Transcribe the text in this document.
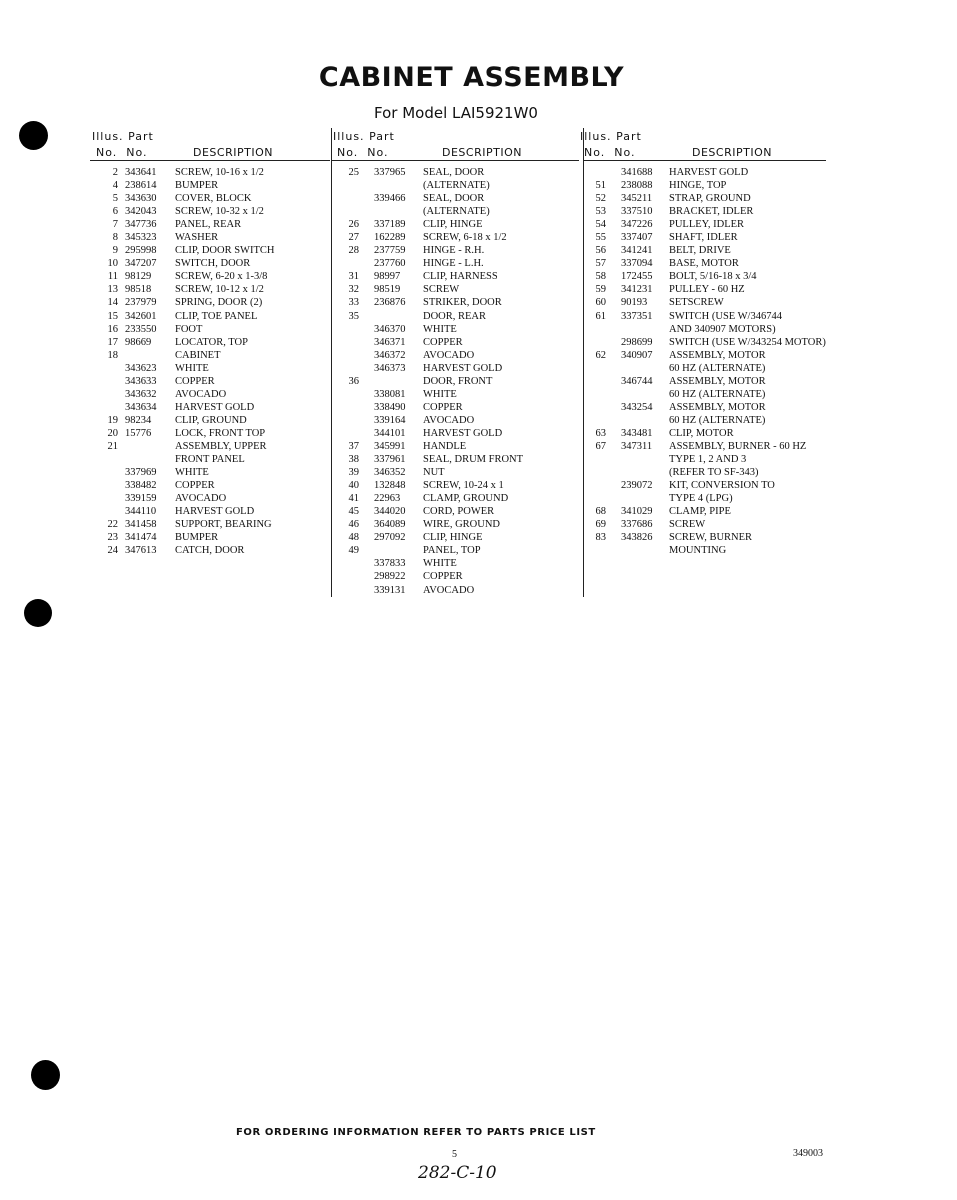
CABINET ASSEMBLY
For Model LAI5921W0
Illus. Part
No. No.	DESCRIPTION
2 343641 SCREW, 10-16 x 1/2
4 238614 BUMPER
5 343630 COVER, BLOCK
6 342043 SCREW, 10-32 x 1/2
7 347736 PANEL, REAR
8 345323 WASHER
9 295998 CLIP, DOOR SWITCH
10 347207 SWITCH, DOOR
11 98129 SCREW, 6-20 x 1-3/8
13 98518 SCREW, 10-12 x 1/2
14 237979 SPRING, DOOR (2)
15 342601 CLIP, TOE PANEL
16 233550 FOOT
17 98669 LOCATOR, TOP
18	CABINET
343623 WHITE
343633 COPPER
343632 AVOCADO
343634 HARVEST GOLD
19 98234 CLIP, GROUND
20 15776 LOCK, FRONT TOP
21	ASSEMBLY, UPPER
FRONT PANEL
337969 WHITE
338482 COPPER
339159 AVOCADO
344110 HARVEST GOLD
22 341458 SUPPORT, BEARING
23 341474 BUMPER
24 347613 CATCH, DOOR
Illus. Part
No. No.	DESCRIPTION
25 337965 SEAL, DOOR
(ALTERNATE)
339466 SEAL, DOOR
(ALTERNATE)
26 337189 CLIP, HINGE
27 162289 SCREW, 6-18 x 1/2
28 237759 HINGE - R.H.
237760 HINGE - L.H.
31 98997 CLIP, HARNESS
32 98519 SCREW
33 236876 STRIKER, DOOR
35	DOOR, REAR
346370 WHITE
346371 COPPER
346372 AVOCADO
346373 HARVEST GOLD
36	DOOR, FRONT
338081 WHITE
338490 COPPER
339164 AVOCADO
344101 HARVEST GOLD
37 345991 HANDLE
38 337961 SEAL, DRUM FRONT
39 346352 NUT
40 132848 SCREW, 10-24 x 1
41 22963 CLAMP, GROUND
45 344020 CORD, POWER
46 364089 WIRE, GROUND
48 297092 CLIP, HINGE
49	PANEL, TOP
337833 WHITE
298922 COPPER
339131 AVOCADO
Illus. Part
No. No.	DESCRIPTION
341688 HARVEST GOLD
51 238088 HINGE, TOP
52 345211 STRAP, GROUND
53 337510 BRACKET, IDLER
54 347226 PULLEY, IDLER
55 337407 SHAFT, IDLER
56 341241 BELT, DRIVE
57 337094 BASE, MOTOR
58 172455 BOLT, 5/16-18 x 3/4
59 341231 PULLEY - 60 HZ
60 90193 SETSCREW
61 337351 SWITCH (USE W/346744
AND 340907 MOTORS)
298699 SWITCH (USE W/343254 MOTOR)
62 340907 ASSEMBLY, MOTOR
60 HZ (ALTERNATE)
346744 ASSEMBLY, MOTOR
60 HZ (ALTERNATE)
343254 ASSEMBLY, MOTOR
60 HZ (ALTERNATE)
63 343481 CLIP, MOTOR
67 347311 ASSEMBLY, BURNER - 60 HZ
TYPE 1, 2 AND 3
(REFER TO SF-343)
239072 KIT, CONVERSION TO
TYPE 4 (LPG)
68 341029 CLAMP, PIPE
69 337686 SCREW
83 343826 SCREW, BURNER
MOUNTING
FOR ORDERING INFORMATION REFER TO PARTS PRICE LIST
5	349003
282-C-10
